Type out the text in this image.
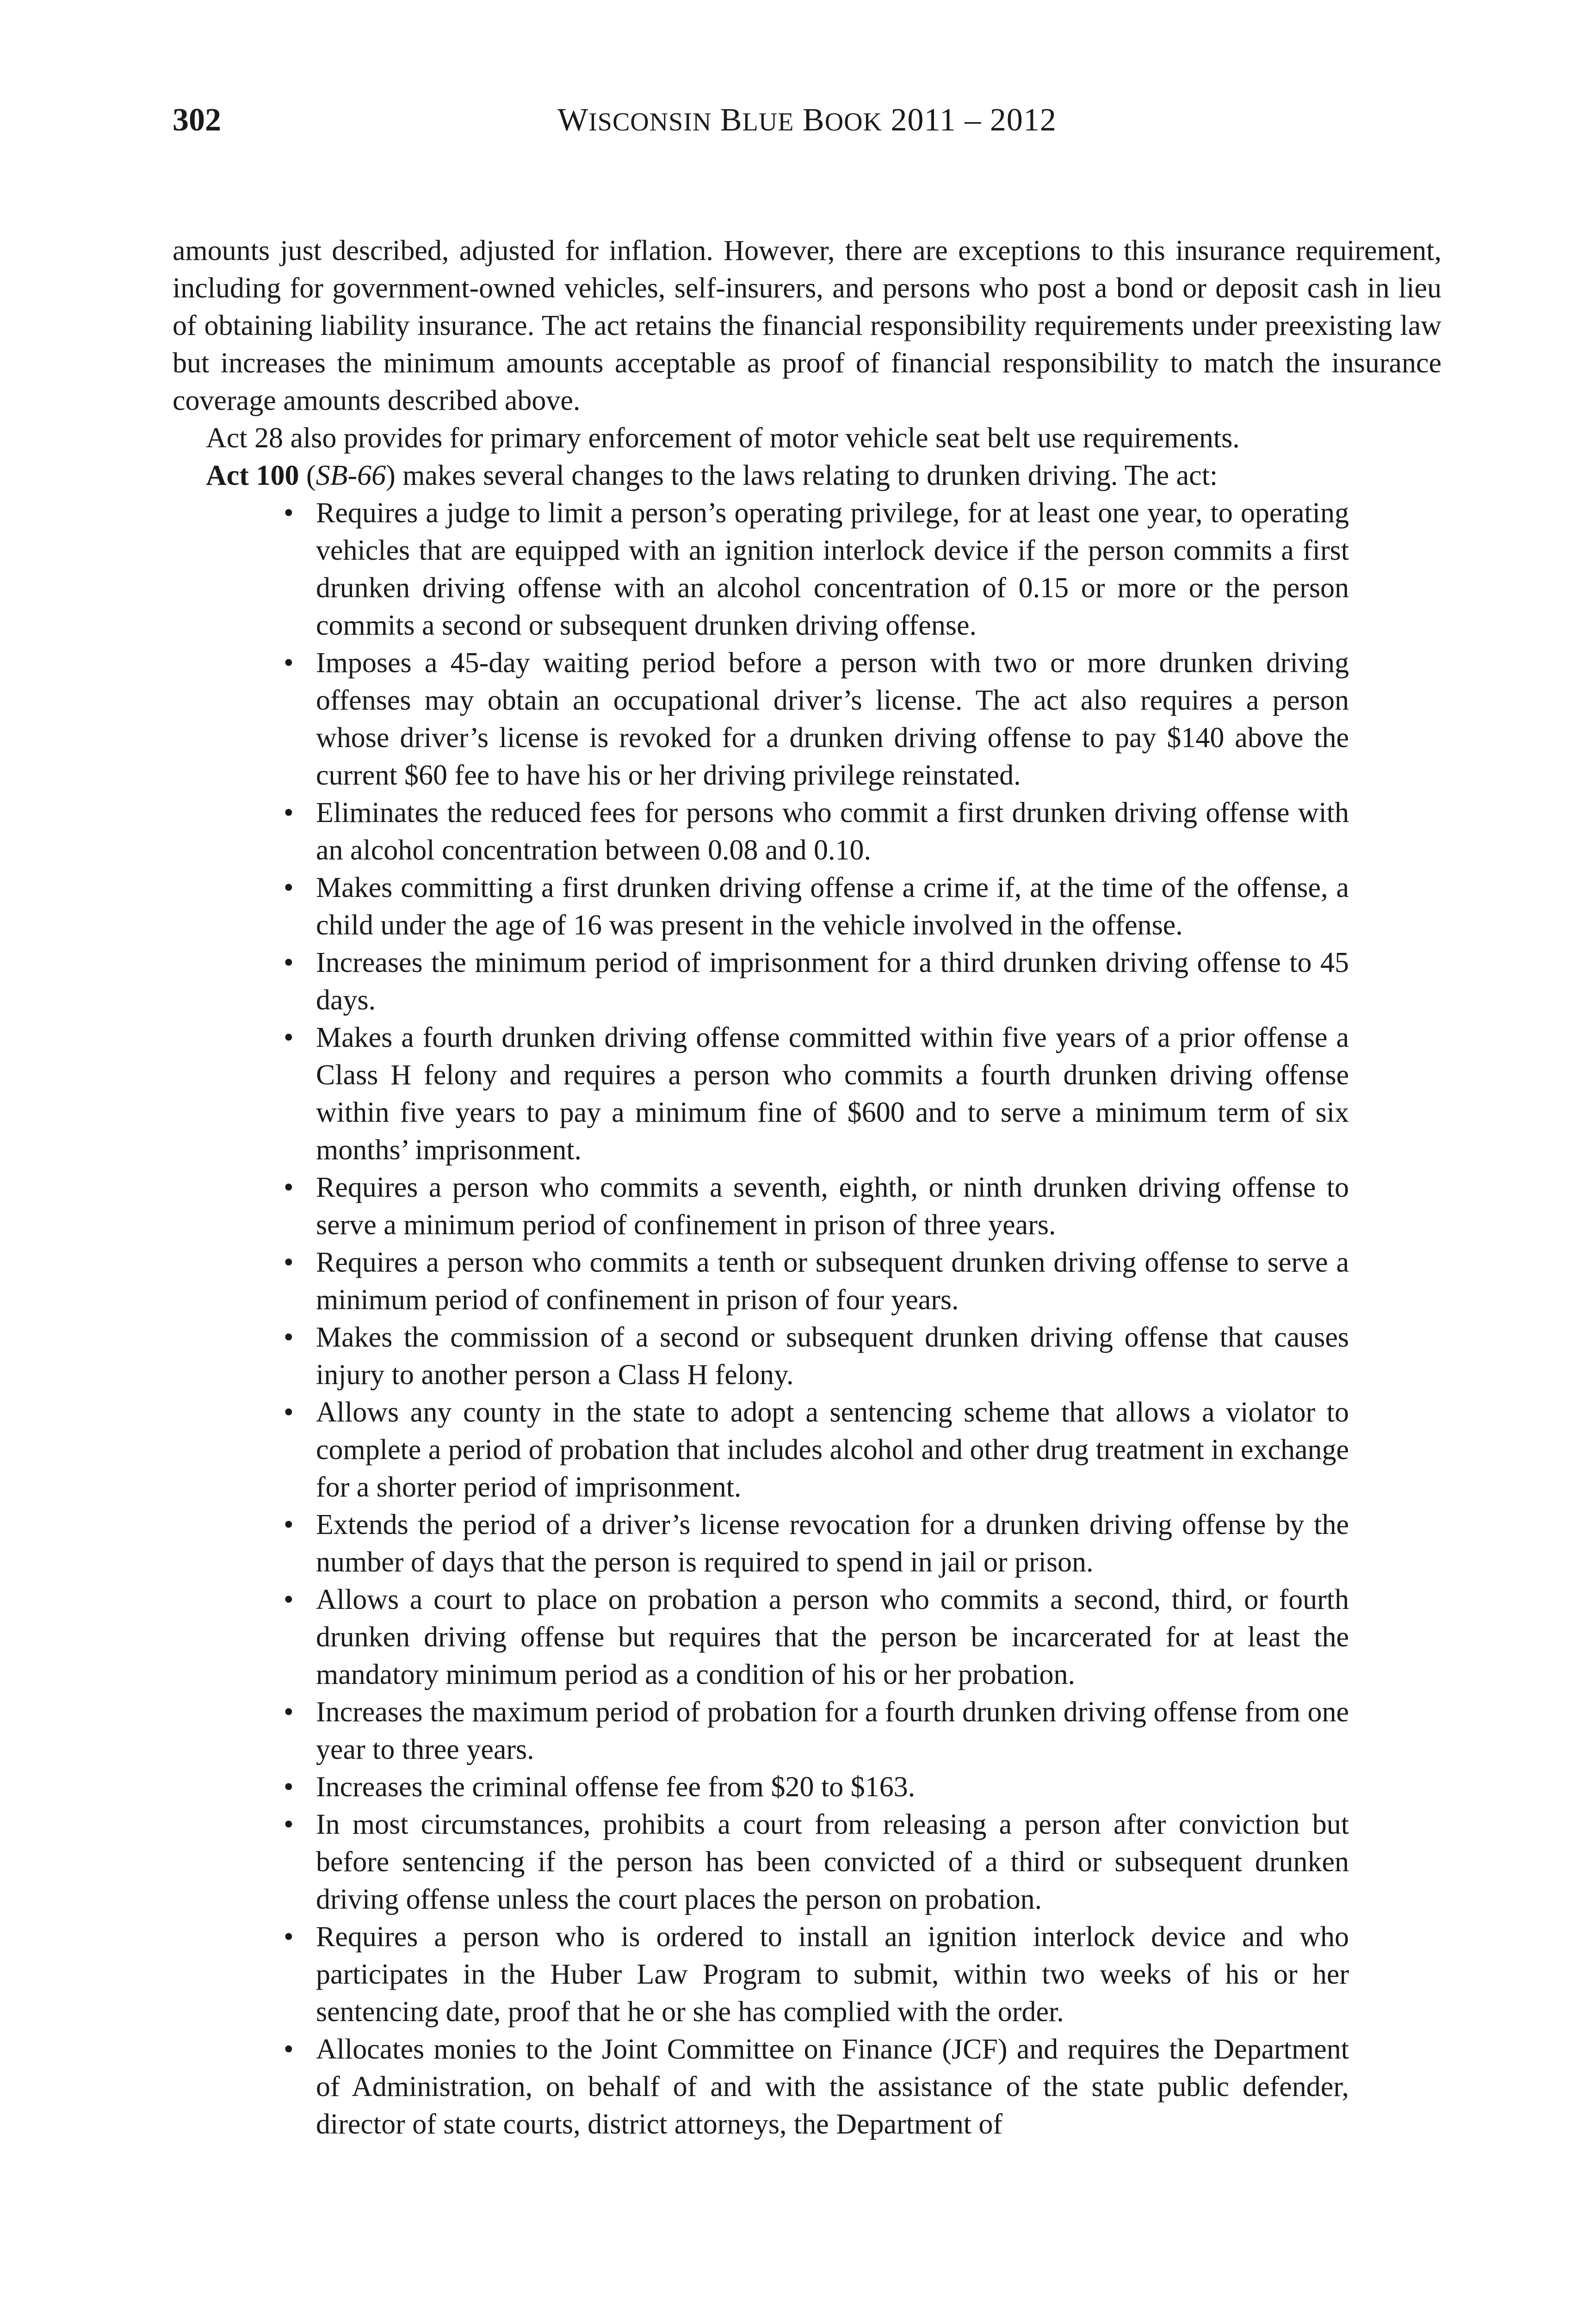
302	WISCONSIN BLUE BOOK 2011 – 2012

amounts just described, adjusted for inflation. However, there are exceptions to this insurance requirement, including for government-owned vehicles, self-insurers, and persons who post a bond or deposit cash in lieu of obtaining liability insurance. The act retains the financial responsibility requirements under preexisting law but increases the minimum amounts acceptable as proof of financial responsibility to match the insurance coverage amounts described above.

Act 28 also provides for primary enforcement of motor vehicle seat belt use requirements.

Act 100 (SB-66) makes several changes to the laws relating to drunken driving. The act:

• Requires a judge to limit a person’s operating privilege, for at least one year, to operating vehicles that are equipped with an ignition interlock device if the person commits a first drunken driving offense with an alcohol concentration of 0.15 or more or the person commits a second or subsequent drunken driving offense.
• Imposes a 45-day waiting period before a person with two or more drunken driving offenses may obtain an occupational driver’s license. The act also requires a person whose driver’s license is revoked for a drunken driving offense to pay $140 above the current $60 fee to have his or her driving privilege reinstated.
• Eliminates the reduced fees for persons who commit a first drunken driving offense with an alcohol concentration between 0.08 and 0.10.
• Makes committing a first drunken driving offense a crime if, at the time of the offense, a child under the age of 16 was present in the vehicle involved in the offense.
• Increases the minimum period of imprisonment for a third drunken driving offense to 45 days.
• Makes a fourth drunken driving offense committed within five years of a prior offense a Class H felony and requires a person who commits a fourth drunken driving offense within five years to pay a minimum fine of $600 and to serve a minimum term of six months’ imprisonment.
• Requires a person who commits a seventh, eighth, or ninth drunken driving offense to serve a minimum period of confinement in prison of three years.
• Requires a person who commits a tenth or subsequent drunken driving offense to serve a minimum period of confinement in prison of four years.
• Makes the commission of a second or subsequent drunken driving offense that causes injury to another person a Class H felony.
• Allows any county in the state to adopt a sentencing scheme that allows a violator to complete a period of probation that includes alcohol and other drug treatment in exchange for a shorter period of imprisonment.
• Extends the period of a driver’s license revocation for a drunken driving offense by the number of days that the person is required to spend in jail or prison.
• Allows a court to place on probation a person who commits a second, third, or fourth drunken driving offense but requires that the person be incarcerated for at least the mandatory minimum period as a condition of his or her probation.
• Increases the maximum period of probation for a fourth drunken driving offense from one year to three years.
• Increases the criminal offense fee from $20 to $163.
• In most circumstances, prohibits a court from releasing a person after conviction but before sentencing if the person has been convicted of a third or subsequent drunken driving offense unless the court places the person on probation.
• Requires a person who is ordered to install an ignition interlock device and who participates in the Huber Law Program to submit, within two weeks of his or her sentencing date, proof that he or she has complied with the order.
• Allocates monies to the Joint Committee on Finance (JCF) and requires the Department of Administration, on behalf of and with the assistance of the state public defender, director of state courts, district attorneys, the Department of
